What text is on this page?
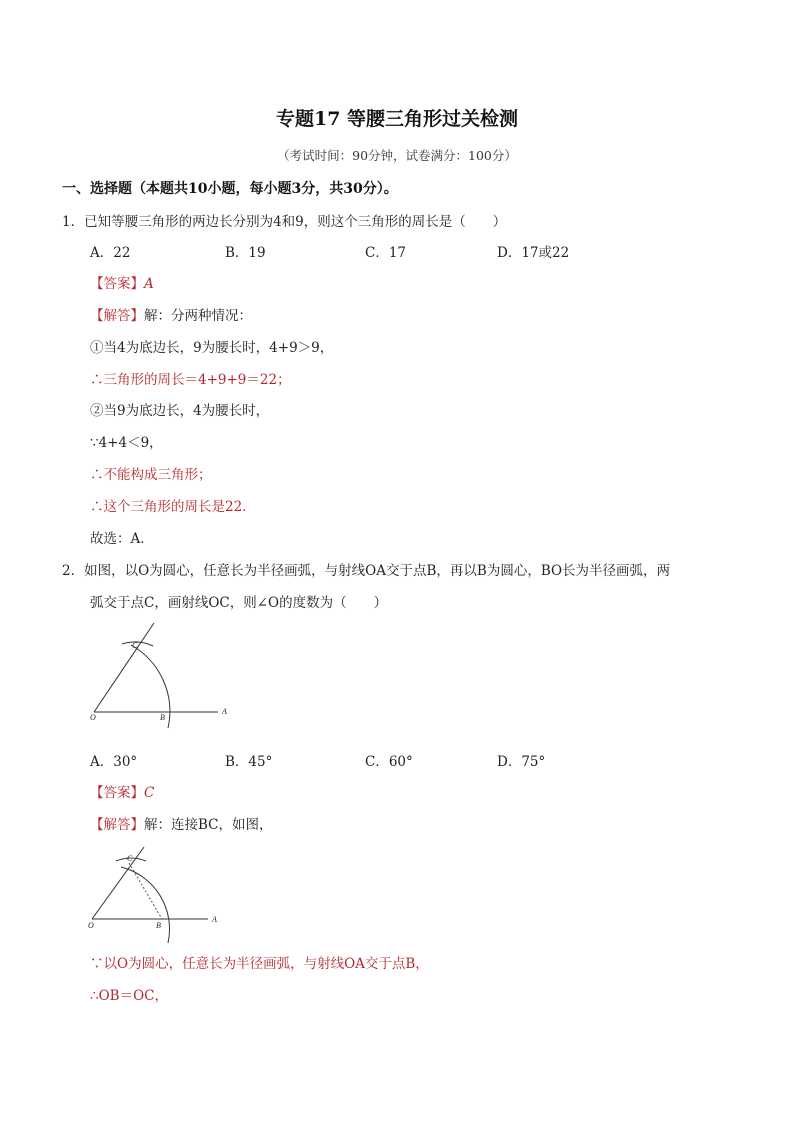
专题17 等腰三角形过关检测
（考试时间：90分钟，试卷满分：100分）
一、选择题（本题共10小题，每小题3分，共30分）。
1．已知等腰三角形的两边长分别为4和9，则这个三角形的周长是（　　）
A．22	B．19	C．17	D．17或22
【答案】A
【解答】解：分两种情况：
①当4为底边长，9为腰长时，4+9＞9，
∴三角形的周长＝4+9+9＝22；
②当9为底边长，4为腰长时，
∵4+4＜9，
∴不能构成三角形；
∴这个三角形的周长是22．
故选：A．
2．如图，以O为圆心，任意长为半径画弧，与射线OA交于点B，再以B为圆心，BO长为半径画弧，两
弧交于点C，画射线OC，则∠O的度数为（　　）
C
O	B
A
A．30°	B．45°	C．60°	D．75°
【答案】C
【解答】解：连接BC，如图，
C
O	B
A
∵以O为圆心，任意长为半径画弧，与射线OA交于点B，
∴OB＝OC，
